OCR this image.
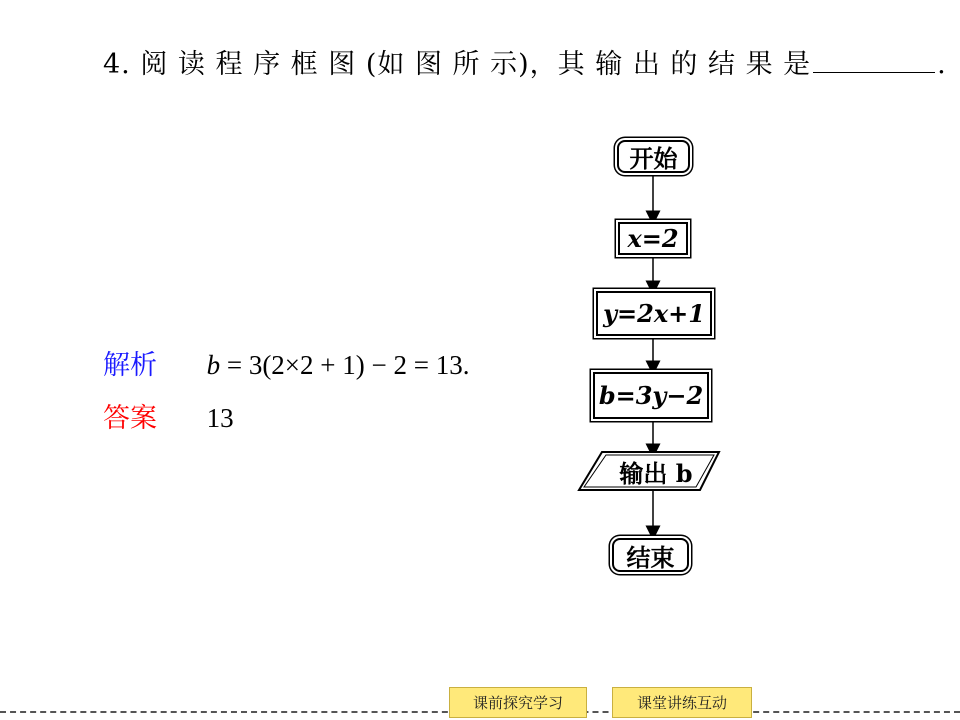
4. 阅 读 程 序 框 图 (如 图 所 示)，其 输 出 的 结 果 是	.
解析 b = 3(2×2 + 1) − 2 = 13.
答案 13
开始
x=2
y=2x+1
b=3y−2
输出 b
结束
课前探究学习	课堂讲练互动
